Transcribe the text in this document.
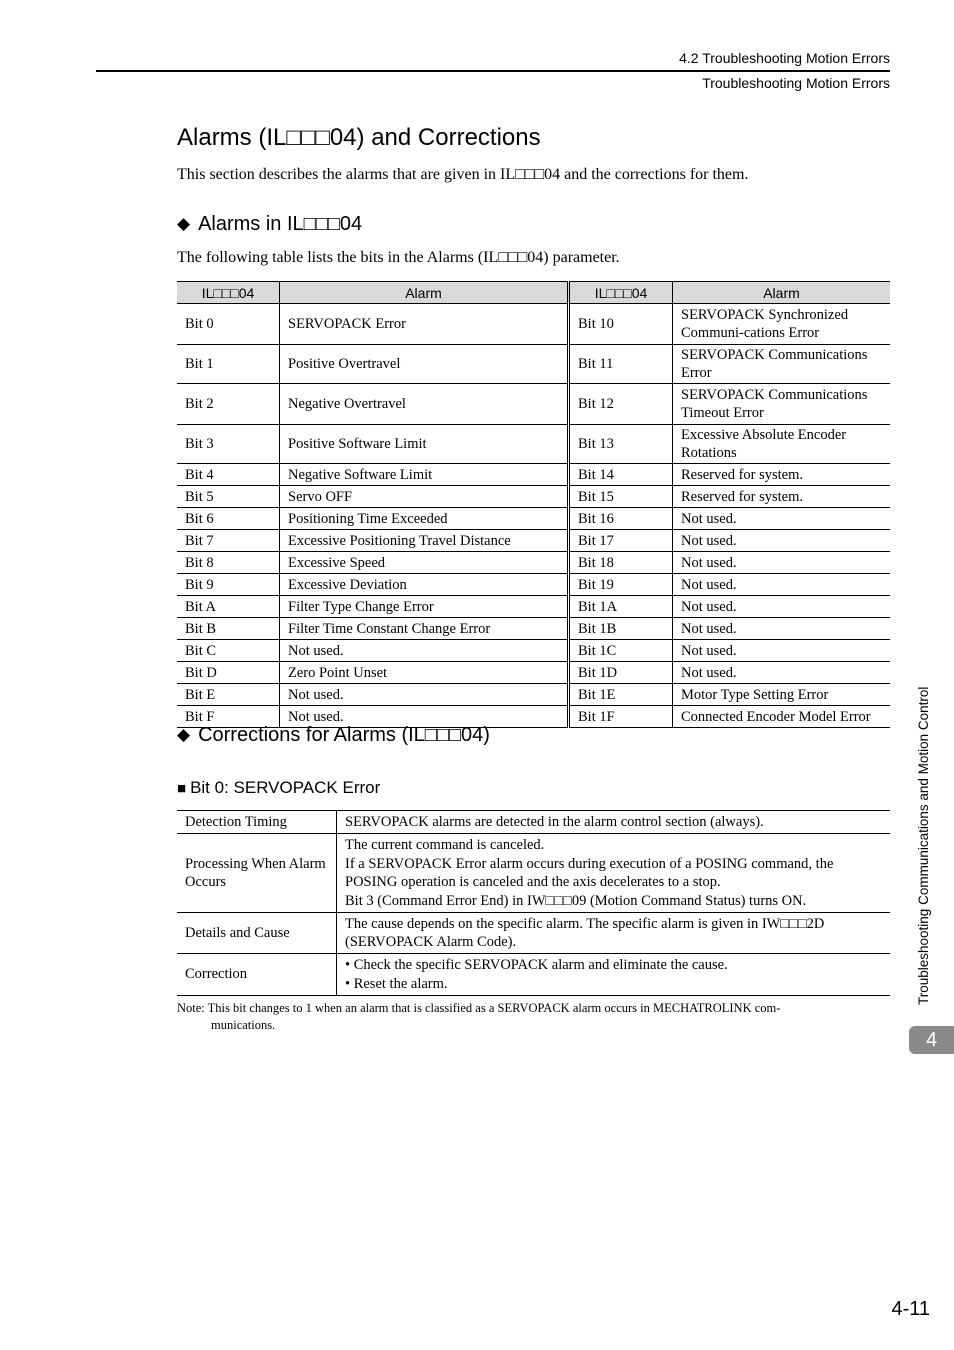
4.2 Troubleshooting Motion Errors
Troubleshooting Motion Errors
Troubleshooting Communications and Motion Control
4
Alarms (IL□□□04) and Corrections
This section describes the alarms that are given in IL□□□04 and the corrections for them.
◆ Alarms in IL□□□04
The following table lists the bits in the Alarms (IL□□□04) parameter.
IL□□□04	Alarm	IL□□□04	Alarm
Bit 0	SERVOPACK Error	Bit 10	SERVOPACK Synchronized Communi-cations Error
Bit 1	Positive Overtravel	Bit 11	SERVOPACK Communications Error
Bit 2	Negative Overtravel	Bit 12	SERVOPACK Communications Timeout Error
Bit 3	Positive Software Limit	Bit 13	Excessive Absolute Encoder Rotations
Bit 4	Negative Software Limit	Bit 14	Reserved for system.
Bit 5	Servo OFF	Bit 15	Reserved for system.
Bit 6	Positioning Time Exceeded	Bit 16	Not used.
Bit 7	Excessive Positioning Travel Distance	Bit 17	Not used.
Bit 8	Excessive Speed	Bit 18	Not used.
Bit 9	Excessive Deviation	Bit 19	Not used.
Bit A	Filter Type Change Error	Bit 1A	Not used.
Bit B	Filter Time Constant Change Error	Bit 1B	Not used.
Bit C	Not used.	Bit 1C	Not used.
Bit D	Zero Point Unset	Bit 1D	Not used.
Bit E	Not used.	Bit 1E	Motor Type Setting Error
Bit F	Not used.	Bit 1F	Connected Encoder Model Error
◆ Corrections for Alarms (IL□□□04)
■ Bit 0: SERVOPACK Error
Detection Timing	SERVOPACK alarms are detected in the alarm control section (always).
Processing When Alarm Occurs	The current command is canceled.
If a SERVOPACK Error alarm occurs during execution of a POSING command, the POSING operation is canceled and the axis decelerates to a stop.
Bit 3 (Command Error End) in IW□□□09 (Motion Command Status) turns ON.

Details and Cause	The cause depends on the specific alarm. The specific alarm is given in IW□□□2D (SERVOPACK Alarm Code).
Correction	• Check the specific SERVOPACK alarm and eliminate the cause.
• Reset the alarm.
Note: This bit changes to 1 when an alarm that is classified as a SERVOPACK alarm occurs in MECHATROLINK com-
munications.
4-11
